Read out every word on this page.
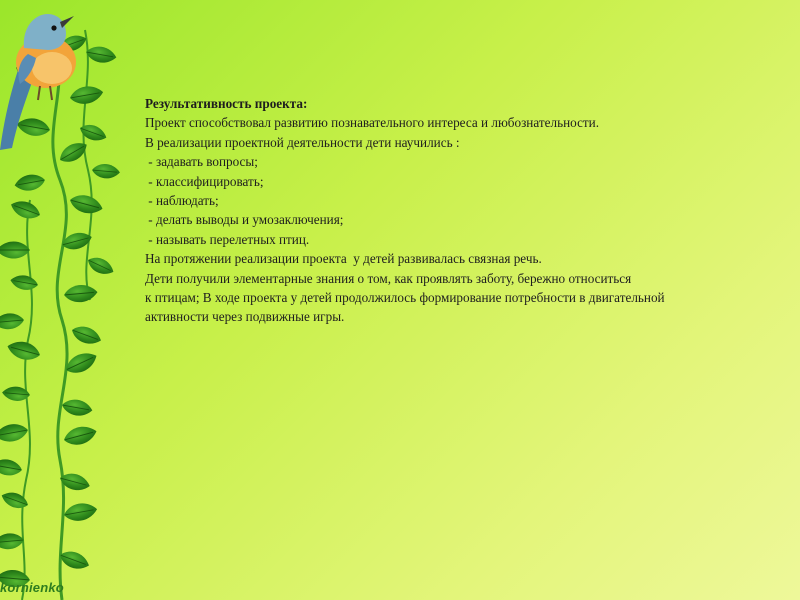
kornienko
Результативность проекта:
Проект способствовал развитию познавательного интереса и любознательности.
В реализации проектной деятельности дети научились :
- задавать вопросы;
- классифицировать;
- наблюдать;
- делать выводы и умозаключения;
- называть перелетных птиц.
На протяжении реализации проекта  у детей развивалась связная речь.
Дети получили элементарные знания о том, как проявлять заботу, бережно относиться
к птицам; В ходе проекта у детей продолжилось формирование потребности в двигательной
активности через подвижные игры.
